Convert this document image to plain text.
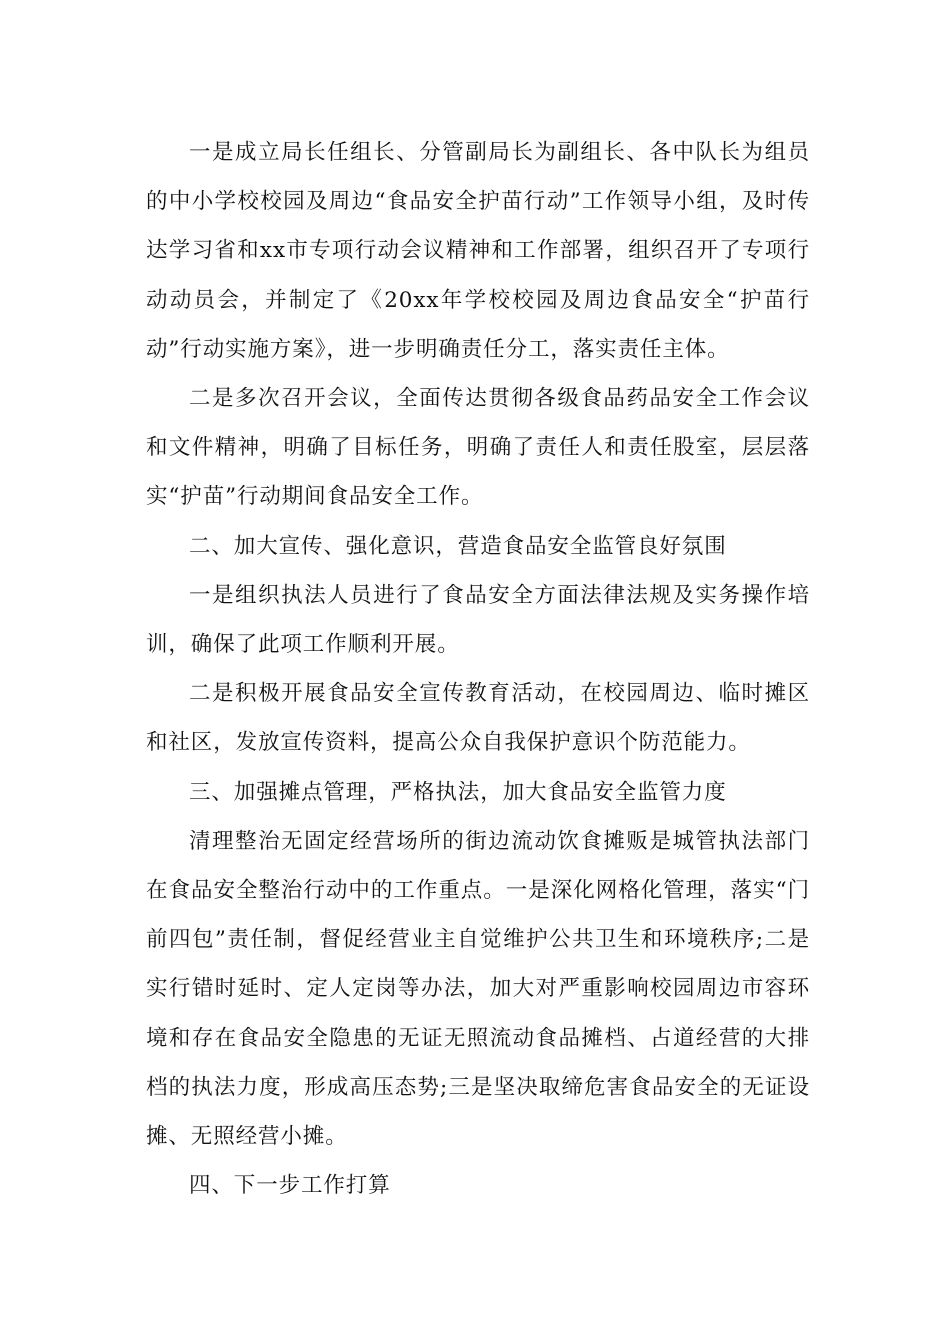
一是成立局长任组长、分管副局长为副组长、各中队长为组员的中小学校校园及周边“食品安全护苗行动”工作领导小组，及时传达学习省和xx市专项行动会议精神和工作部署，组织召开了专项行动动员会，并制定了《20xx年学校校园及周边食品安全“护苗行动”行动实施方案》，进一步明确责任分工，落实责任主体。

二是多次召开会议，全面传达贯彻各级食品药品安全工作会议和文件精神，明确了目标任务，明确了责任人和责任股室，层层落实“护苗”行动期间食品安全工作。

二、加大宣传、强化意识，营造食品安全监管良好氛围

一是组织执法人员进行了食品安全方面法律法规及实务操作培训，确保了此项工作顺利开展。

二是积极开展食品安全宣传教育活动，在校园周边、临时摊区和社区，发放宣传资料，提高公众自我保护意识个防范能力。

三、加强摊点管理，严格执法，加大食品安全监管力度

清理整治无固定经营场所的街边流动饮食摊贩是城管执法部门在食品安全整治行动中的工作重点。一是深化网格化管理，落实“门前四包”责任制，督促经营业主自觉维护公共卫生和环境秩序;二是实行错时延时、定人定岗等办法，加大对严重影响校园周边市容环境和存在食品安全隐患的无证无照流动食品摊档、占道经营的大排档的执法力度，形成高压态势;三是坚决取缔危害食品安全的无证设摊、无照经营小摊。

四、下一步工作打算
